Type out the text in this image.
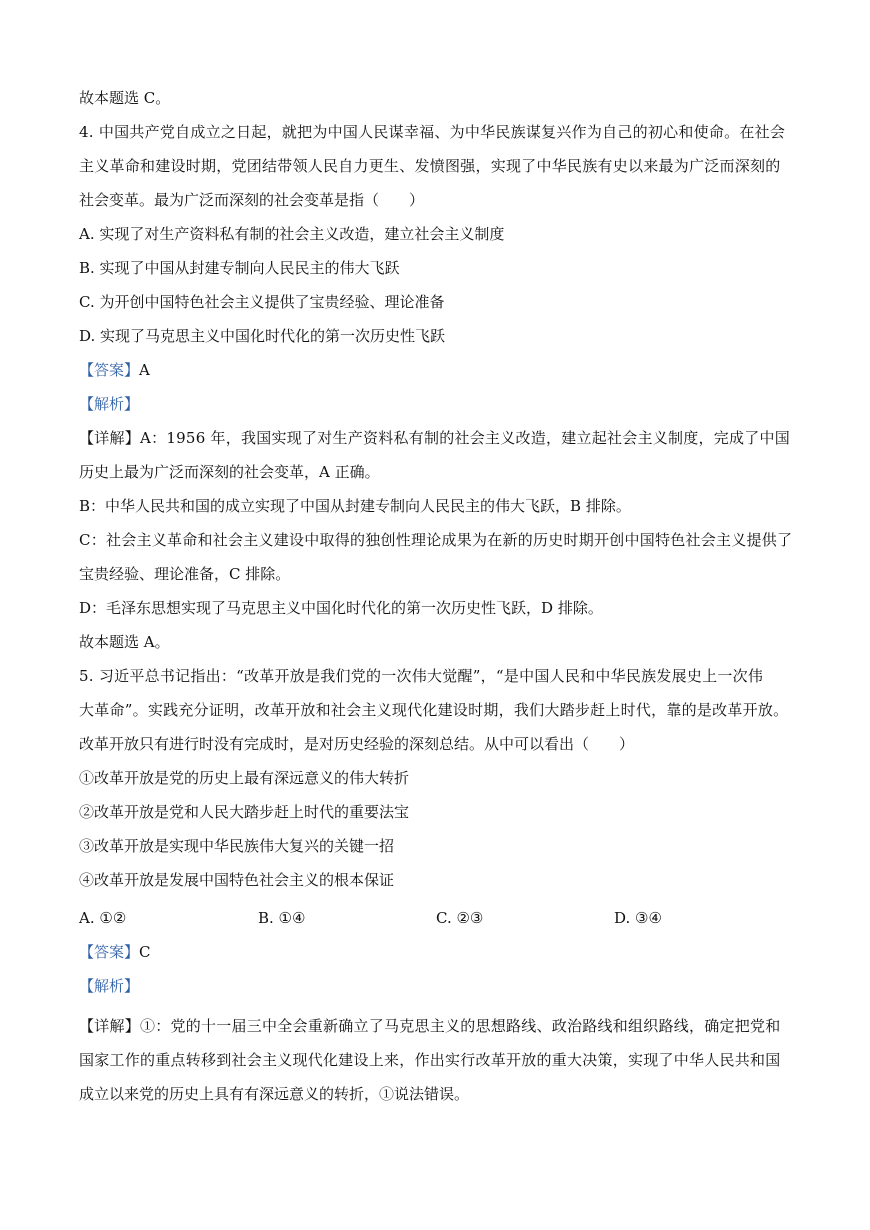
故本题选 C。
4. 中国共产党自成立之日起，就把为中国人民谋幸福、为中华民族谋复兴作为自己的初心和使命。在社会
主义革命和建设时期，党团结带领人民自力更生、发愤图强，实现了中华民族有史以来最为广泛而深刻的
社会变革。最为广泛而深刻的社会变革是指（　　）
A. 实现了对生产资料私有制的社会主义改造，建立社会主义制度
B. 实现了中国从封建专制向人民民主的伟大飞跃
C. 为开创中国特色社会主义提供了宝贵经验、理论准备
D. 实现了马克思主义中国化时代化的第一次历史性飞跃
【答案】A
【解析】
【详解】A：1956 年，我国实现了对生产资料私有制的社会主义改造，建立起社会主义制度，完成了中国
历史上最为广泛而深刻的社会变革，A 正确。
B：中华人民共和国的成立实现了中国从封建专制向人民民主的伟大飞跃，B 排除。
C：社会主义革命和社会主义建设中取得的独创性理论成果为在新的历史时期开创中国特色社会主义提供了
宝贵经验、理论准备，C 排除。
D：毛泽东思想实现了马克思主义中国化时代化的第一次历史性飞跃，D 排除。
故本题选 A。
5. 习近平总书记指出：“改革开放是我们党的一次伟大觉醒”，“是中国人民和中华民族发展史上一次伟
大革命”。实践充分证明，改革开放和社会主义现代化建设时期，我们大踏步赶上时代，靠的是改革开放。
改革开放只有进行时没有完成时，是对历史经验的深刻总结。从中可以看出（　　）
①改革开放是党的历史上最有深远意义的伟大转折
②改革开放是党和人民大踏步赶上时代的重要法宝
③改革开放是实现中华民族伟大复兴的关键一招
④改革开放是发展中国特色社会主义的根本保证
A. ①②	B. ①④	C. ②③	D. ③④
【答案】C
【解析】
【详解】①：党的十一届三中全会重新确立了马克思主义的思想路线、政治路线和组织路线，确定把党和
国家工作的重点转移到社会主义现代化建设上来，作出实行改革开放的重大决策，实现了中华人民共和国
成立以来党的历史上具有有深远意义的转折，①说法错误。
